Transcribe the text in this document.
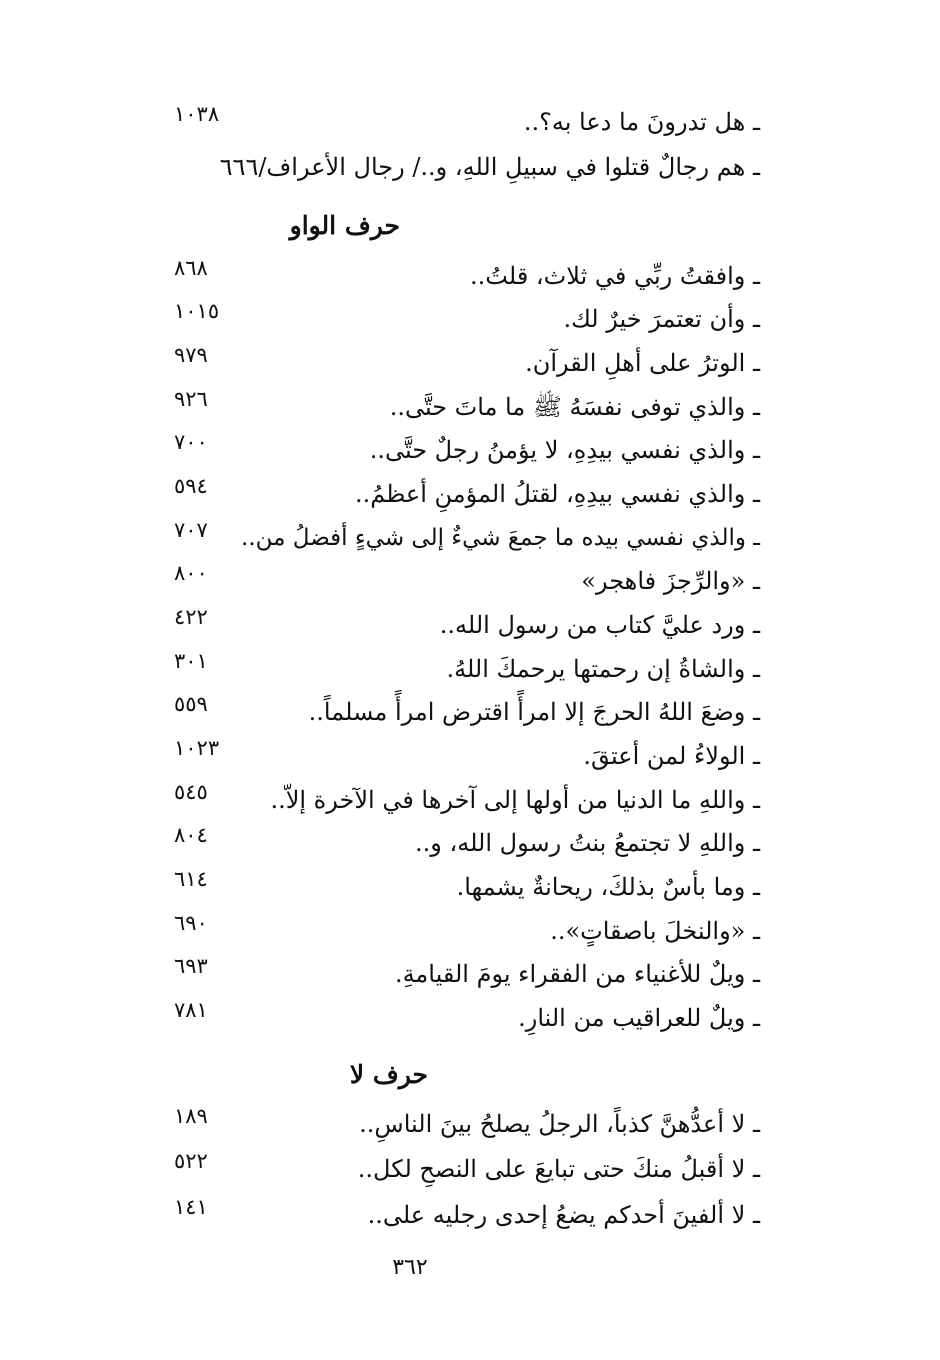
ـ هل تدرونَ ما دعا به؟..
١٠٣٨
ـ هم رجالٌ قتلوا في سبيلِ اللهِ، و../ رجال الأعراف/٦٦٦
حرف الواو
ـ وافقتُ ربِّي في ثلاث، قلتُ..
٨٦٨
ـ وأن تعتمرَ خيرٌ لك.
١٠١٥
ـ الوترُ على أهلِ القرآن.
٩٧٩
ـ والذي توفى نفسَهُ ﷺ ما ماتَ حتَّى..
٩٢٦
ـ والذي نفسي بيدِهِ، لا يؤمنُ رجلٌ حتَّى..
٧٠٠
ـ والذي نفسي بيدِهِ، لقتلُ المؤمنِ أعظمُ..
٥٩٤
ـ والذي نفسي بيده ما جمعَ شيءٌ إلى شيءٍ أفضلُ من..
٧٠٧
ـ «والرِّجزَ فاهجر»
٨٠٠
ـ ورد عليَّ كتاب من رسول الله..
٤٢٢
ـ والشاةُ إن رحمتها يرحمكَ اللهُ.
٣٠١
ـ وضعَ اللهُ الحرجَ إلا امرأً اقترض امرأً مسلماً..
٥٥٩
ـ الولاءُ لمن أعتقَ.
١٠٢٣
ـ واللهِ ما الدنيا من أولها إلى آخرها في الآخرة إلاّ..
٥٤٥
ـ واللهِ لا تجتمعُ بنتُ رسول الله، و..
٨٠٤
ـ وما بأسٌ بذلكَ، ريحانةٌ يشمها.
٦١٤
ـ «والنخلَ باصقاتٍ»..
٦٩٠
ـ ويلٌ للأغنياء من الفقراء يومَ القيامةِ.
٦٩٣
ـ ويلٌ للعراقيب من النارِ.
٧٨١
حرف لا
ـ لا أعدُّهنَّ كذباً، الرجلُ يصلحُ بينَ الناسِ..
١٨٩
ـ لا أقبلُ منكَ حتى تبايعَ على النصحِ لكل..
٥٢٢
ـ لا ألفينَ أحدكم يضعُ إحدى رجليه على..
١٤١
٣٦٢
